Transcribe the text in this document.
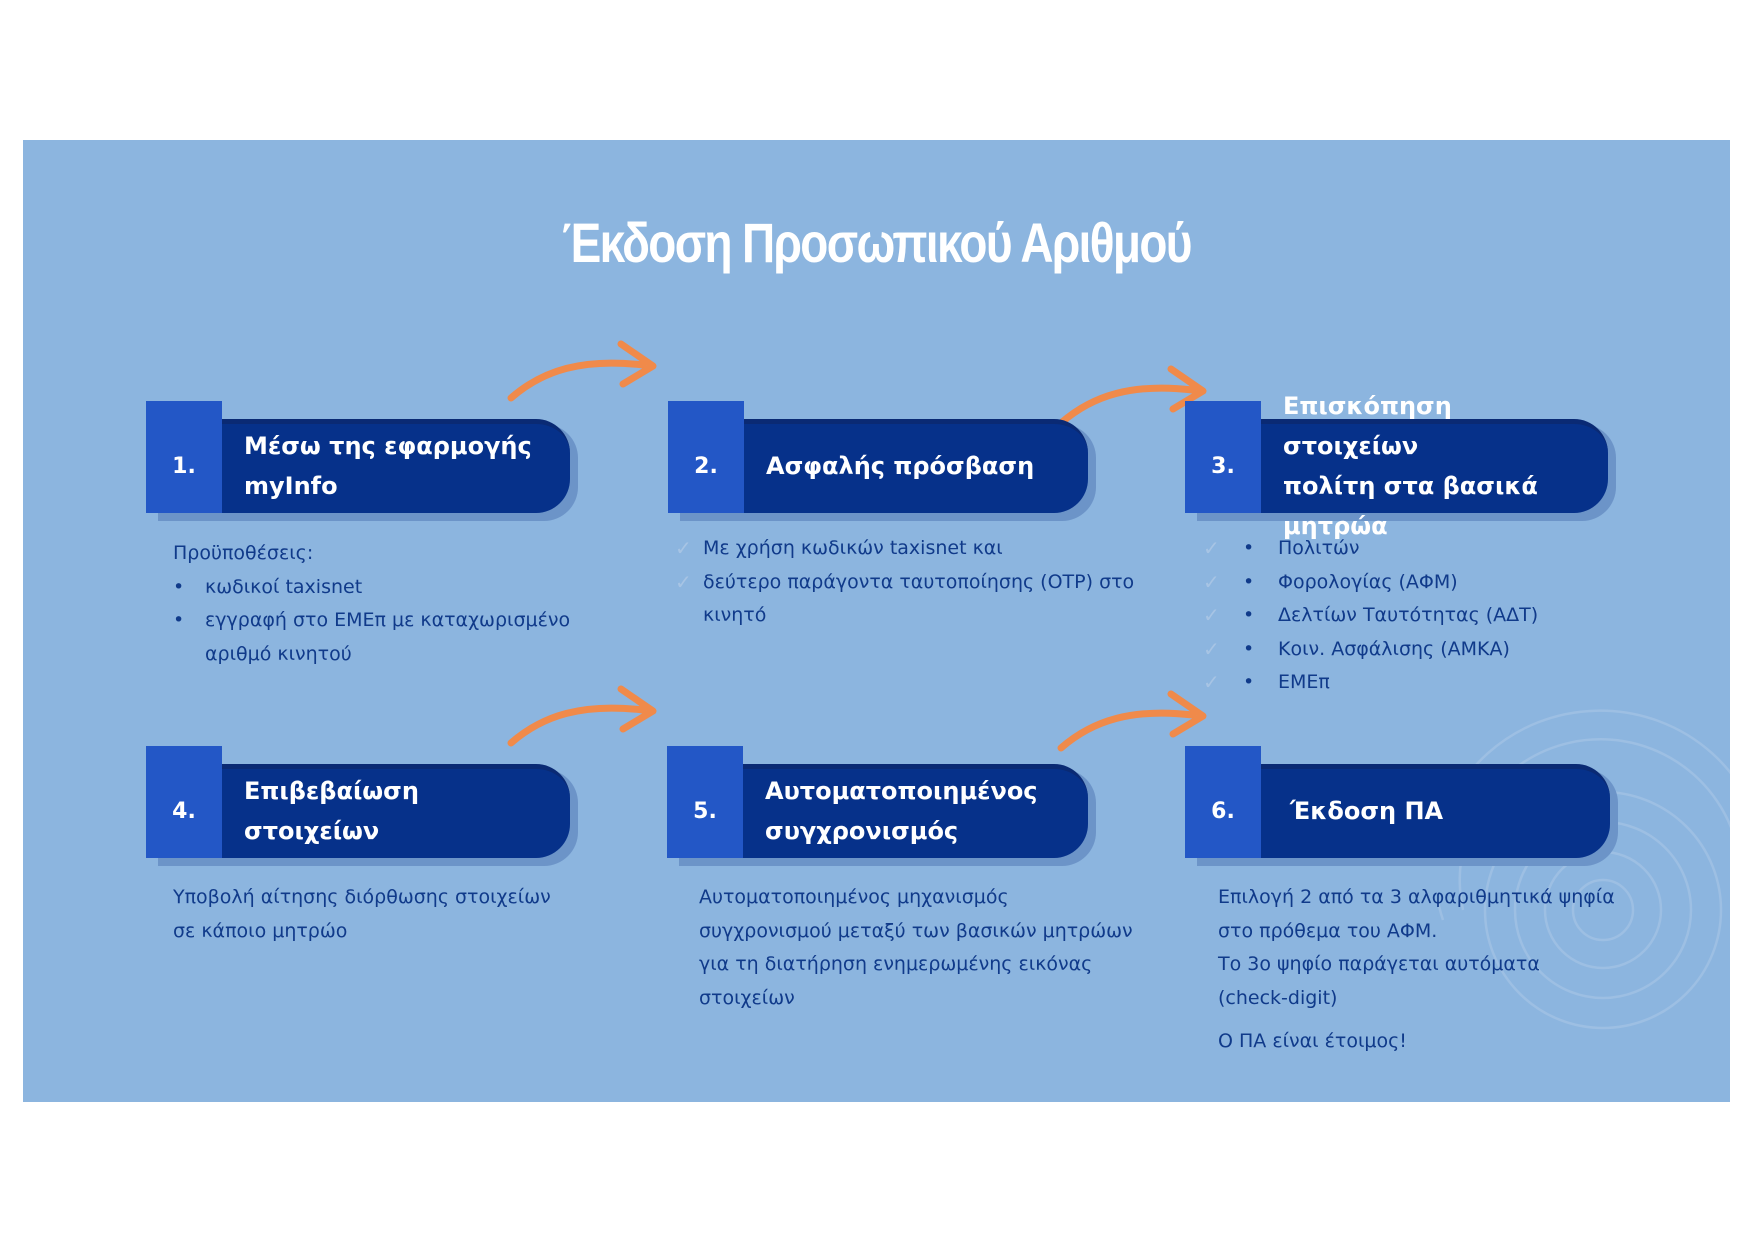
Έκδοση Προσωπικού Αριθμού
1.
Μέσω της εφαρμογής
myInfo
Προϋποθέσεις:
• κωδικοί taxisnet
• εγγραφή στο ΕΜΕπ με καταχωρισμένο
αριθμό κινητού
2.	Ασφαλής πρόσβαση
✓ Με χρήση κωδικών taxisnet και
✓ δεύτερο παράγοντα ταυτοποίησης (OTP) στο
κινητό
3.
Επισκόπηση στοιχείων
πολίτη στα βασικά μητρώα
✓ Πολιτών •
✓ Φορολογίας (ΑΦΜ) •
✓ Δελτίων Ταυτότητας (ΑΔΤ) •
✓ Κοιν. Ασφάλισης (ΑΜΚΑ) •
✓ ΕΜΕπ •
4.
Επιβεβαίωση
στοιχείων
Υποβολή αίτησης διόρθωσης στοιχείων
σε κάποιο μητρώο
5.
Αυτοματοποιημένος
συγχρονισμός
Αυτοματοποιημένος μηχανισμός
συγχρονισμού μεταξύ των βασικών μητρώων
για τη διατήρηση ενημερωμένης εικόνας
στοιχείων
6.	Έκδοση ΠΑ
Επιλογή 2 από τα 3 αλφαριθμητικά ψηφία
στο πρόθεμα του ΑΦΜ.
Το 3ο ψηφίο παράγεται αυτόματα
(check-digit)
Ο ΠΑ είναι έτοιμος!
